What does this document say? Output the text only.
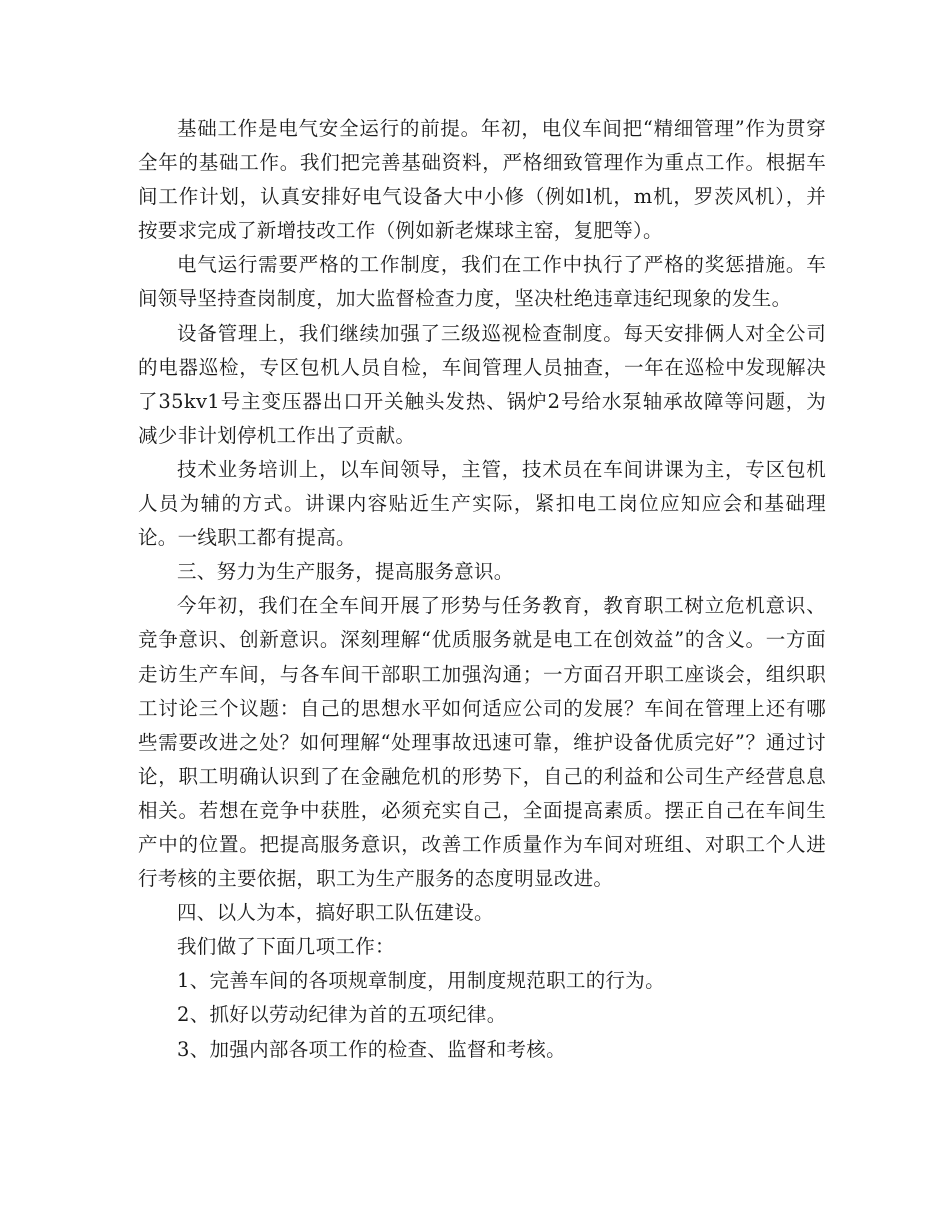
基础工作是电气安全运行的前提。年初，电仪车间把“精细管理”作为贯穿全年的基础工作。我们把完善基础资料，严格细致管理作为重点工作。根据车间工作计划，认真安排好电气设备大中小修（例如l机，m机，罗茨风机），并按要求完成了新增技改工作（例如新老煤球主窑，复肥等）。

电气运行需要严格的工作制度，我们在工作中执行了严格的奖惩措施。车间领导坚持查岗制度，加大监督检查力度，坚决杜绝违章违纪现象的发生。

设备管理上，我们继续加强了三级巡视检查制度。每天安排俩人对全公司的电器巡检，专区包机人员自检，车间管理人员抽查，一年在巡检中发现解决了35kv1号主变压器出口开关触头发热、锅炉2号给水泵轴承故障等问题，为减少非计划停机工作出了贡献。

技术业务培训上，以车间领导，主管，技术员在车间讲课为主，专区包机人员为辅的方式。讲课内容贴近生产实际，紧扣电工岗位应知应会和基础理论。一线职工都有提高。

三、努力为生产服务，提高服务意识。

今年初，我们在全车间开展了形势与任务教育，教育职工树立危机意识、竞争意识、创新意识。深刻理解“优质服务就是电工在创效益”的含义。一方面走访生产车间，与各车间干部职工加强沟通；一方面召开职工座谈会，组织职工讨论三个议题：自己的思想水平如何适应公司的发展？车间在管理上还有哪些需要改进之处？如何理解“处理事故迅速可靠，维护设备优质完好”？通过讨论，职工明确认识到了在金融危机的形势下，自己的利益和公司生产经营息息相关。若想在竞争中获胜，必须充实自己，全面提高素质。摆正自己在车间生产中的位置。把提高服务意识，改善工作质量作为车间对班组、对职工个人进行考核的主要依据，职工为生产服务的态度明显改进。

四、以人为本，搞好职工队伍建设。

我们做了下面几项工作：

1、完善车间的各项规章制度，用制度规范职工的行为。

2、抓好以劳动纪律为首的五项纪律。

3、加强内部各项工作的检查、监督和考核。
